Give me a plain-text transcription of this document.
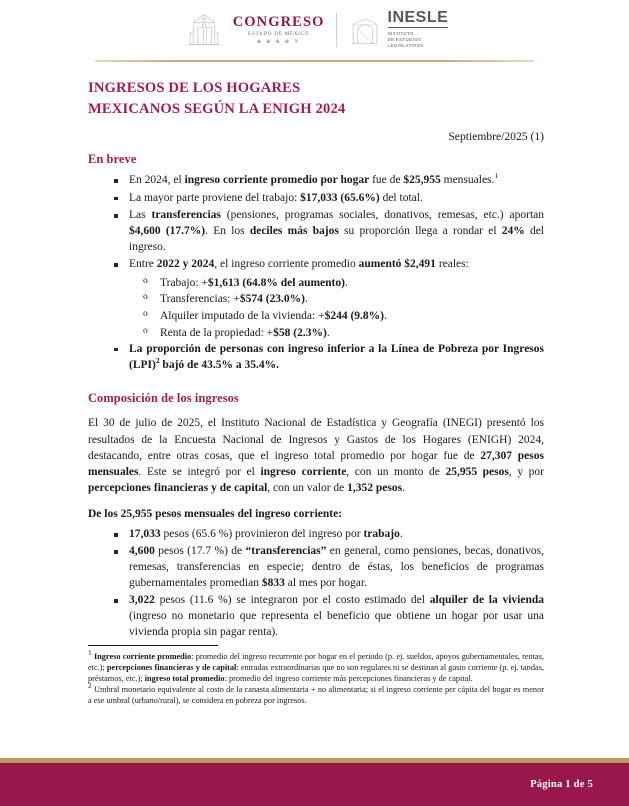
CONGRESO
ESTADO DE MÉXICO
◈ ◈ ◈ ◈ ✕
INESLE
INSTITUTO
DE ESTUDIOS
LEGISLATIVOS
INGRESOS DE LOS HOGARES
MEXICANOS SEGÚN LA ENIGH 2024
Septiembre/2025 (1)
En breve
En 2024, el ingreso corriente promedio por hogar fue de $25,955 mensuales.$^1$
La mayor parte proviene del trabajo: $17,033 (65.6%) del total.
Las transferencias (pensiones, programas sociales, donativos, remesas, etc.) aportan $4,600 (17.7%). En los deciles más bajos su proporción llega a rondar el 24% del ingreso.
Entre 2022 y 2024, el ingreso corriente promedio aumentó $2,491 reales:
o Trabajo: +$1,613 (64.8% del aumento).
o Transferencias: +$574 (23.0%).
o Alquiler imputado de la vivienda: +$244 (9.8%).
o Renta de la propiedad: +$58 (2.3%).
La proporción de personas con ingreso inferior a la Línea de Pobreza por Ingresos (LPI)$^2$ bajó de 43.5% a 35.4%.
Composición de los ingresos

El 30 de julio de 2025, el Instituto Nacional de Estadística y Geografía (INEGI) presentó los resultados de la Encuesta Nacional de Ingresos y Gastos de los Hogares (ENIGH) 2024, destacando, entre otras cosas, que el ingreso total promedio por hogar fue de 27,307 pesos mensuales. Este se integró por el ingreso corriente, con un monto de 25,955 pesos, y por percepciones financieras y de capital, con un valor de 1,352 pesos.

De los 25,955 pesos mensuales del ingreso corriente:

17,033 pesos (65.6 %) provinieron del ingreso por trabajo.
4,600 pesos (17.7 %) de “transferencias” en general, como pensiones, becas, donativos, remesas, transferencias en especie; dentro de éstas, los beneficios de programas gubernamentales promedian $833 al mes por hogar.
3,022 pesos (11.6 %) se integraron por el costo estimado del alquiler de la vivienda (ingreso no monetario que representa el beneficio que obtiene un hogar por usar una vivienda propia sin pagar renta).

$^1$ Ingreso corriente promedio: promedio del ingreso recurrente por hogar en el periodo (p. ej. sueldos, apoyos gubernamentales, rentas, etc.); percepciones financieras y de capital: entradas extraordinarias que no son regulares ni se destinan al gasto corriente (p. ej. tandas, préstamos, etc.); ingreso total promedio: promedio del ingreso corriente más percepciones financieras y de capital.

$^2$ Umbral monetario equivalente al costo de la canasta alimentaria + no alimentaria; si el ingreso corriente per cápita del hogar es menor a ese umbral (urbano/rural), se considera en pobreza por ingresos.

Página 1 de 5
